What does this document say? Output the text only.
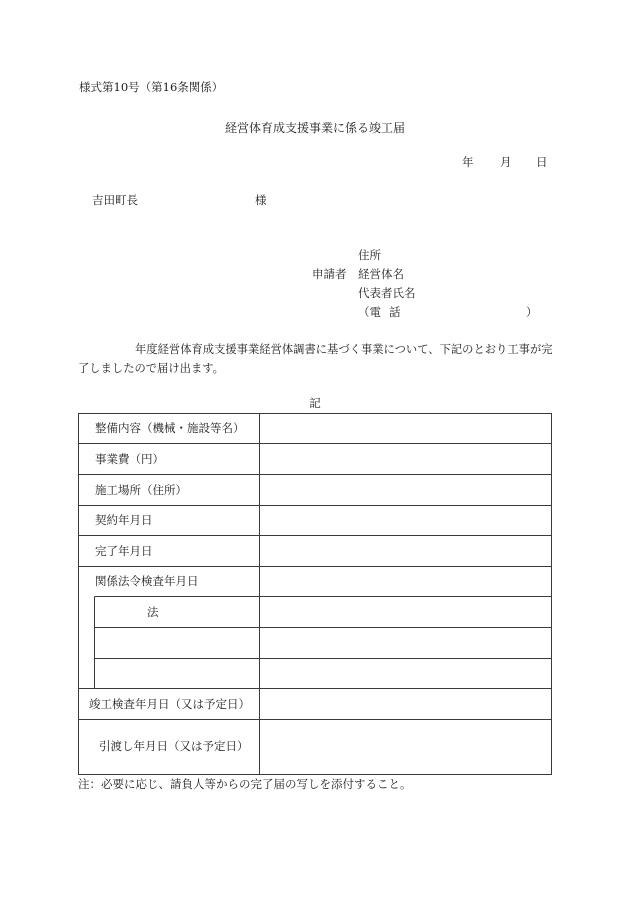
様式第10号（第16条関係）
経営体育成支援事業に係る竣工届
年 月 日
吉田町長	様
住所
申請者 経営体名
代表者氏名
（電 話	）
年度経営体育成支援事業経営体調書に基づく事業について、下記のとおり工事が完了しましたので届け出ます。
記
整備内容（機械・施設等名）
事業費（円）
施工場所（住所）
契約年月日
完了年月日
関係法令検査年月日
法
竣工検査年月日（又は予定日）
引渡し年月日（又は予定日）
注：必要に応じ、請負人等からの完了届の写しを添付すること。
